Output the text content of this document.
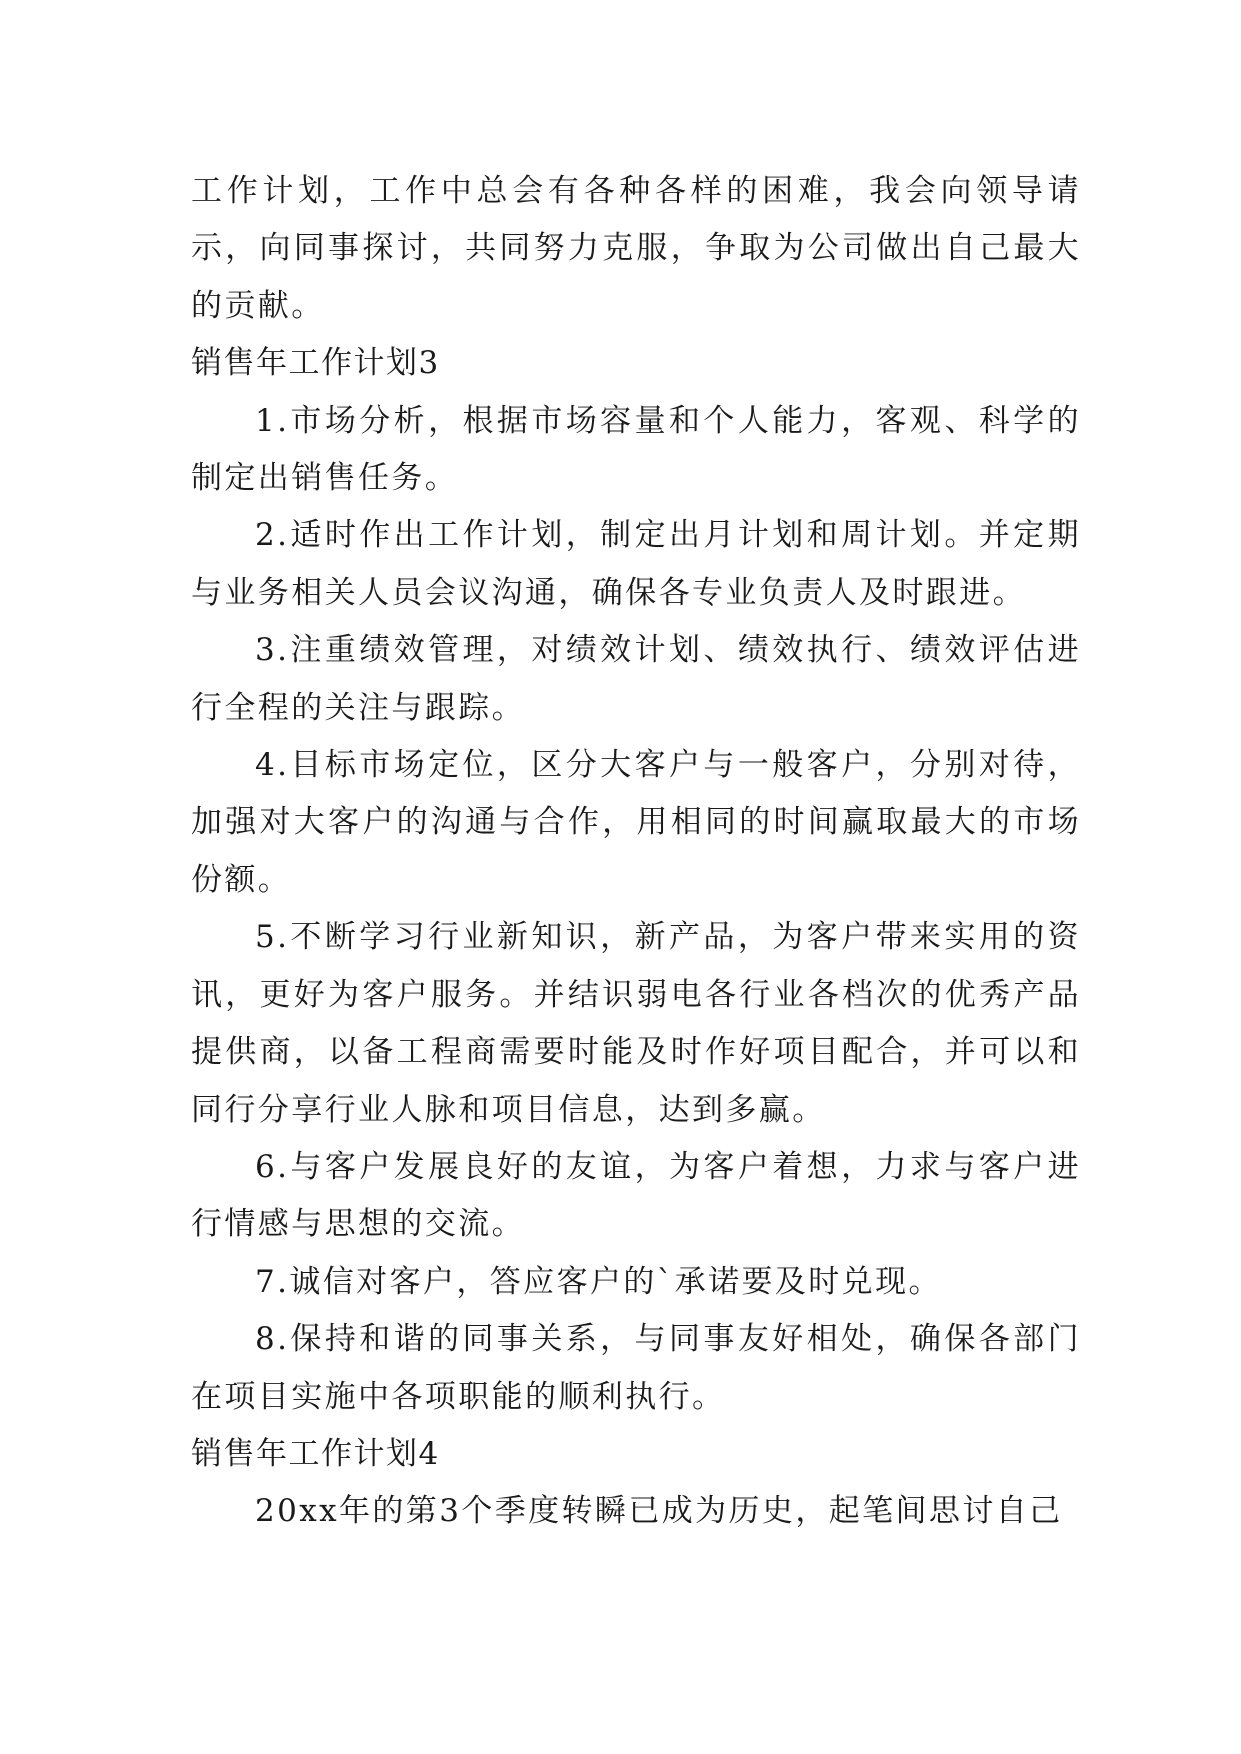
工作计划，工作中总会有各种各样的困难，我会向领导请示，向同事探讨，共同努力克服，争取为公司做出自己最大的贡献。

销售年工作计划3

1.市场分析，根据市场容量和个人能力，客观、科学的制定出销售任务。

2.适时作出工作计划，制定出月计划和周计划。并定期与业务相关人员会议沟通，确保各专业负责人及时跟进。

3.注重绩效管理，对绩效计划、绩效执行、绩效评估进行全程的关注与跟踪。

4.目标市场定位，区分大客户与一般客户，分别对待，加强对大客户的沟通与合作，用相同的时间赢取最大的市场份额。

5.不断学习行业新知识，新产品，为客户带来实用的资讯，更好为客户服务。并结识弱电各行业各档次的优秀产品提供商，以备工程商需要时能及时作好项目配合，并可以和同行分享行业人脉和项目信息，达到多赢。

6.与客户发展良好的友谊，为客户着想，力求与客户进行情感与思想的交流。

7.诚信对客户，答应客户的`承诺要及时兑现。

8.保持和谐的同事关系，与同事友好相处，确保各部门在项目实施中各项职能的顺利执行。

销售年工作计划4

20xx年的第3个季度转瞬已成为历史，起笔间思讨自己
